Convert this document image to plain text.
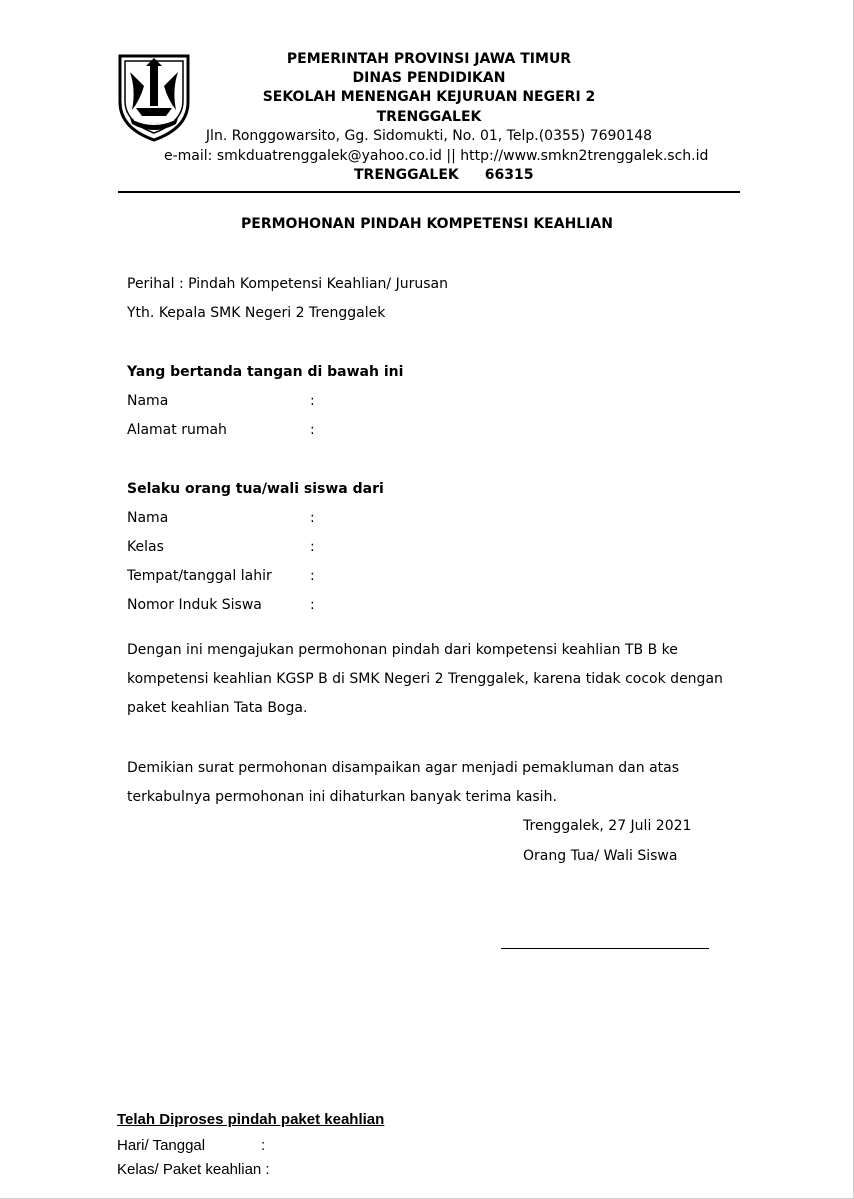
PEMERINTAH PROVINSI JAWA TIMUR
DINAS PENDIDIKAN
SEKOLAH MENENGAH KEJURUAN NEGERI 2
TRENGGALEK
Jln. Ronggowarsito, Gg. Sidomukti, No. 01, Telp.(0355) 7690148
e-mail: smkduatrenggalek@yahoo.co.id || http://www.smkn2trenggalek.sch.id
TRENGGALEK 66315
PERMOHONAN PINDAH KOMPETENSI KEAHLIAN
Perihal : Pindah Kompetensi Keahlian/ Jurusan
Yth. Kepala SMK Negeri 2 Trenggalek
Yang bertanda tangan di bawah ini
Nama	:
Alamat rumah	:
Selaku orang tua/wali siswa dari
Nama	:
Kelas	:
Tempat/tanggal lahir	:
Nomor Induk Siswa	:
Dengan ini mengajukan permohonan pindah dari kompetensi keahlian TB B ke kompetensi keahlian KGSP B di SMK Negeri 2 Trenggalek, karena tidak cocok dengan paket keahlian Tata Boga.
Demikian surat permohonan disampaikan agar menjadi pemakluman dan atas terkabulnya permohonan ini dihaturkan banyak terima kasih.
Trenggalek, 27 Juli 2021
Orang Tua/ Wali Siswa
Telah Diproses pindah paket keahlian
Hari/ Tanggal	:
Kelas/ Paket keahlian :
